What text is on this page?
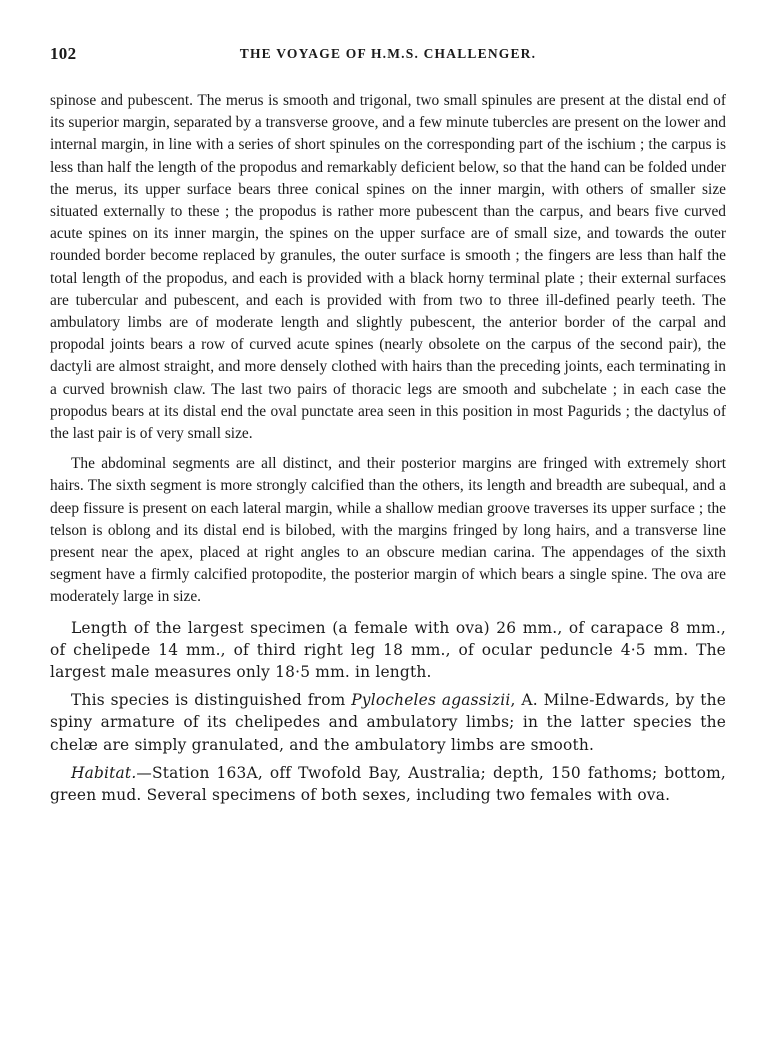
102	THE VOYAGE OF H.M.S. CHALLENGER.

spinose and pubescent. The merus is smooth and trigonal, two small spinules are present at the distal end of its superior margin, separated by a transverse groove, and a few minute tubercles are present on the lower and internal margin, in line with a series of short spinules on the corresponding part of the ischium ; the carpus is less than half the length of the propodus and remarkably deficient below, so that the hand can be folded under the merus, its upper surface bears three conical spines on the inner margin, with others of smaller size situated externally to these ; the propodus is rather more pubescent than the carpus, and bears five curved acute spines on its inner margin, the spines on the upper surface are of small size, and towards the outer rounded border become replaced by granules, the outer surface is smooth ; the fingers are less than half the total length of the propodus, and each is provided with a black horny terminal plate ; their external surfaces are tubercular and pubescent, and each is provided with from two to three ill-defined pearly teeth. The ambulatory limbs are of moderate length and slightly pubescent, the anterior border of the carpal and propodal joints bears a row of curved acute spines (nearly obsolete on the carpus of the second pair), the dactyli are almost straight, and more densely clothed with hairs than the preceding joints, each terminating in a curved brownish claw. The last two pairs of thoracic legs are smooth and subchelate ; in each case the propodus bears at its distal end the oval punctate area seen in this position in most Pagurids ; the dactylus of the last pair is of very small size.

The abdominal segments are all distinct, and their posterior margins are fringed with extremely short hairs. The sixth segment is more strongly calcified than the others, its length and breadth are subequal, and a deep fissure is present on each lateral margin, while a shallow median groove traverses its upper surface ; the telson is oblong and its distal end is bilobed, with the margins fringed by long hairs, and a transverse line present near the apex, placed at right angles to an obscure median carina. The appendages of the sixth segment have a firmly calcified protopodite, the posterior margin of which bears a single spine. The ova are moderately large in size.

Length of the largest specimen (a female with ova) 26 mm., of carapace 8 mm., of chelipede 14 mm., of third right leg 18 mm., of ocular peduncle 4·5 mm. The largest male measures only 18·5 mm. in length.

This species is distinguished from Pylocheles agassizii, A. Milne-Edwards, by the spiny armature of its chelipedes and ambulatory limbs; in the latter species the chelæ are simply granulated, and the ambulatory limbs are smooth.

Habitat.—Station 163A, off Twofold Bay, Australia; depth, 150 fathoms; bottom, green mud. Several specimens of both sexes, including two females with ova.
